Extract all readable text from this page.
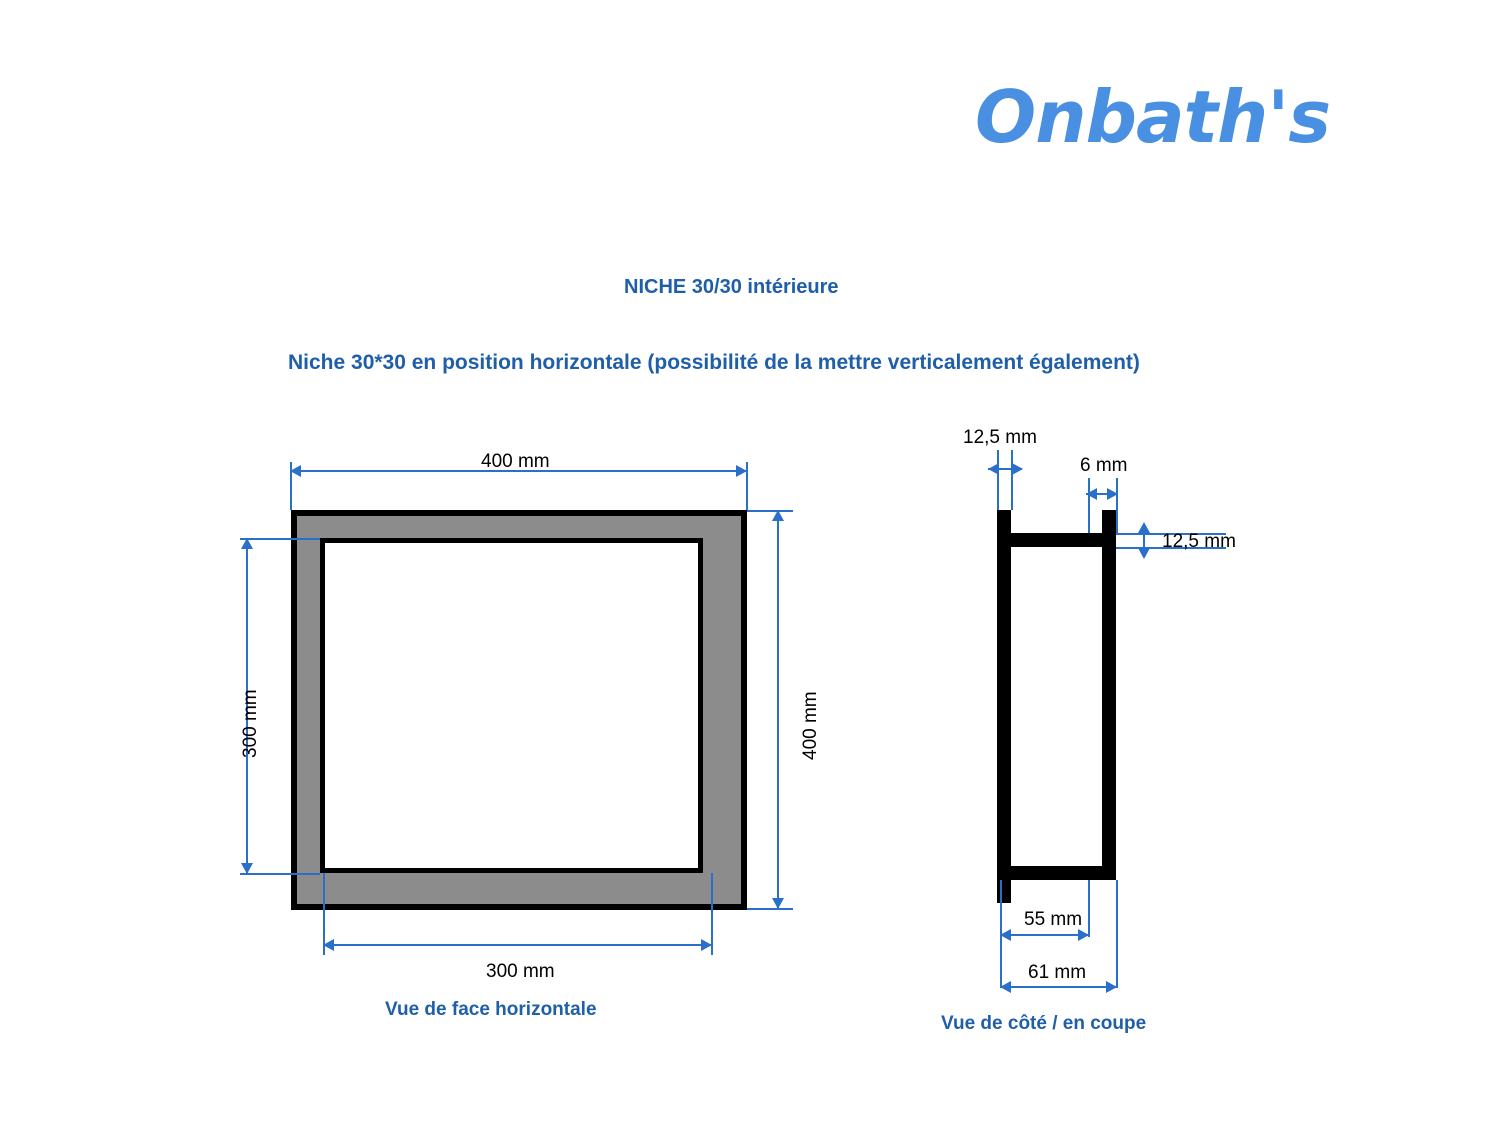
Onbath's
NICHE 30/30 intérieure
Niche 30*30 en position horizontale (possibilité de la mettre verticalement également)
400 mm
400 mm
300 mm
300 mm
Vue de face horizontale
12,5 mm
6 mm
12,5 mm
55 mm
61 mm
Vue de côté / en coupe
